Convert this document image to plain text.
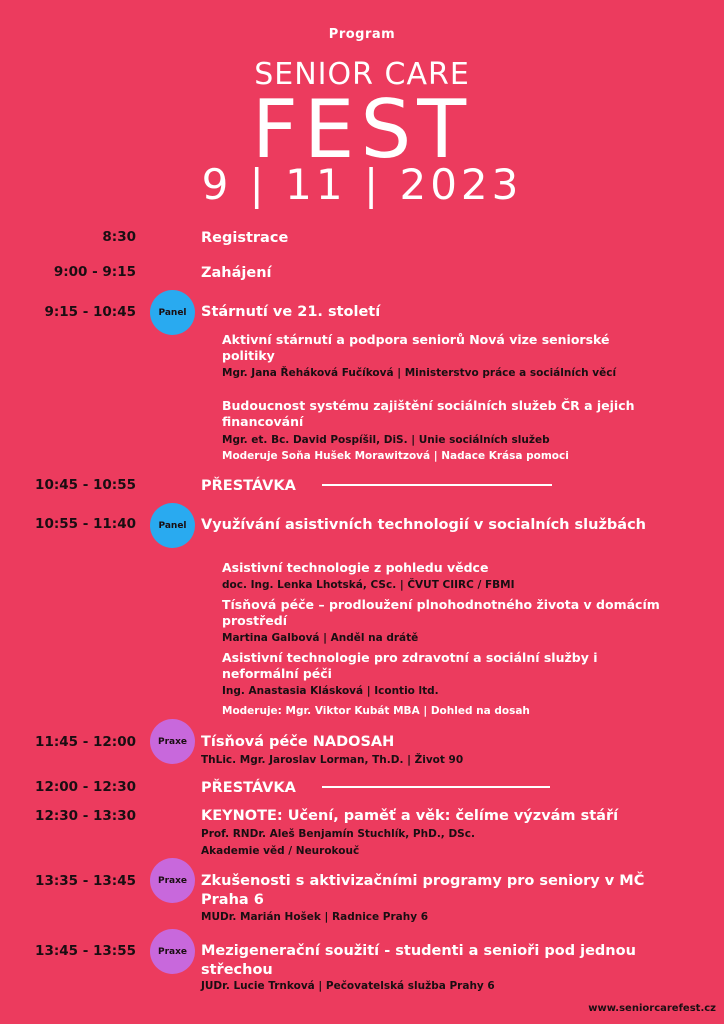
Program
SENIOR CARE
FEST
9 | 11 | 2023
8:30	Registrace
9:00 - 9:15	Zahájení
9:15 - 10:45	Panel Stárnutí ve 21. století
Aktivní stárnutí a podpora seniorů Nová vize seniorské politiky
Mgr. Jana Řeháková Fučíková | Ministerstvo práce a sociálních věcí
Budoucnost systému zajištění sociálních služeb ČR a jejich financování
Mgr. et. Bc. David Pospíšil, DiS. | Unie sociálních služeb
Moderuje Soňa Hušek Morawitzová | Nadace Krása pomoci
10:45 - 10:55	PŘESTÁVKA
10:55 - 11:40	Panel Využívání asistivních technologií v socialních službách
Asistivní technologie z pohledu vědce
doc. Ing. Lenka Lhotská, CSc. | ČVUT CIIRC / FBMI
Tísňová péče – prodloužení plnohodnotného života v domácím prostředí
Martina Galbová | Anděl na drátě
Asistivní technologie pro zdravotní a sociální služby i neformální péči
Ing. Anastasia Klásková | Icontio ltd.
Moderuje: Mgr. Viktor Kubát MBA | Dohled na dosah
11:45 - 12:00	Praxe Tísňová péče NADOSAH
ThLic. Mgr. Jaroslav Lorman, Th.D. | Život 90
12:00 - 12:30	PŘESTÁVKA
12:30 - 13:30	KEYNOTE: Učení, paměť a věk: čelíme výzvám stáří
Prof. RNDr. Aleš Benjamín Stuchlík, PhD., DSc. Akademie věd / Neurokouč
13:35 - 13:45	Praxe Zkušenosti s aktivizačními programy pro seniory v MČ Praha 6
MUDr. Marián Hošek | Radnice Prahy 6
13:45 - 13:55	Praxe Mezigenerační soužití - studenti a senioři pod jednou střechou
JUDr. Lucie Trnková | Pečovatelská služba Prahy 6
www.seniorcarefest.cz
